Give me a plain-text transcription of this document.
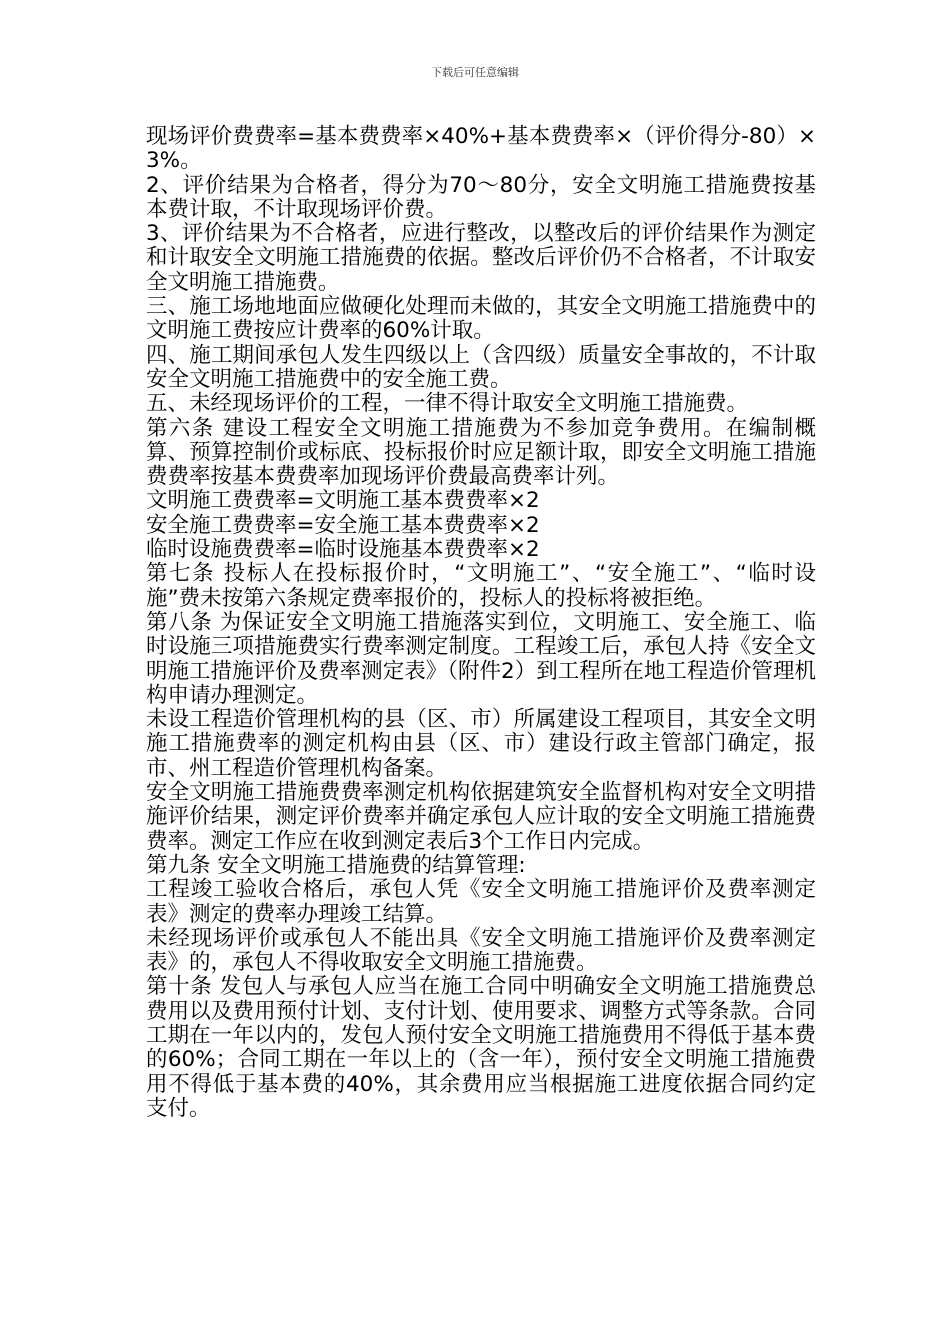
下载后可任意编辑

现场评价费费率=基本费费率×40%+基本费费率×（评价得分-80）×3%。

2、评价结果为合格者，得分为70～80分，安全文明施工措施费按基本费计取，不计取现场评价费。

3、评价结果为不合格者，应进行整改，以整改后的评价结果作为测定和计取安全文明施工措施费的依据。整改后评价仍不合格者，不计取安全文明施工措施费。

三、施工场地地面应做硬化处理而未做的，其安全文明施工措施费中的文明施工费按应计费率的60%计取。

四、施工期间承包人发生四级以上（含四级）质量安全事故的，不计取安全文明施工措施费中的安全施工费。

五、未经现场评价的工程，一律不得计取安全文明施工措施费。

第六条 建设工程安全文明施工措施费为不参加竞争费用。在编制概算、预算控制价或标底、投标报价时应足额计取，即安全文明施工措施费费率按基本费费率加现场评价费最高费率计列。

文明施工费费率=文明施工基本费费率×2

安全施工费费率=安全施工基本费费率×2

临时设施费费率=临时设施基本费费率×2

第七条 投标人在投标报价时，“文明施工”、“安全施工”、“临时设施”费未按第六条规定费率报价的，投标人的投标将被拒绝。

第八条 为保证安全文明施工措施落实到位，文明施工、安全施工、临时设施三项措施费实行费率测定制度。工程竣工后，承包人持《安全文明施工措施评价及费率测定表》（附件2）到工程所在地工程造价管理机构申请办理测定。

未设工程造价管理机构的县（区、市）所属建设工程项目，其安全文明施工措施费率的测定机构由县（区、市）建设行政主管部门确定，报市、州工程造价管理机构备案。

安全文明施工措施费费率测定机构依据建筑安全监督机构对安全文明措施评价结果，测定评价费率并确定承包人应计取的安全文明施工措施费费率。测定工作应在收到测定表后3个工作日内完成。

第九条 安全文明施工措施费的结算管理:

工程竣工验收合格后，承包人凭《安全文明施工措施评价及费率测定表》测定的费率办理竣工结算。

未经现场评价或承包人不能出具《安全文明施工措施评价及费率测定表》的，承包人不得收取安全文明施工措施费。

第十条 发包人与承包人应当在施工合同中明确安全文明施工措施费总费用以及费用预付计划、支付计划、使用要求、调整方式等条款。合同工期在一年以内的，发包人预付安全文明施工措施费用不得低于基本费的60%；合同工期在一年以上的（含一年），预付安全文明施工措施费用不得低于基本费的40%，其余费用应当根据施工进度依据合同约定支付。
